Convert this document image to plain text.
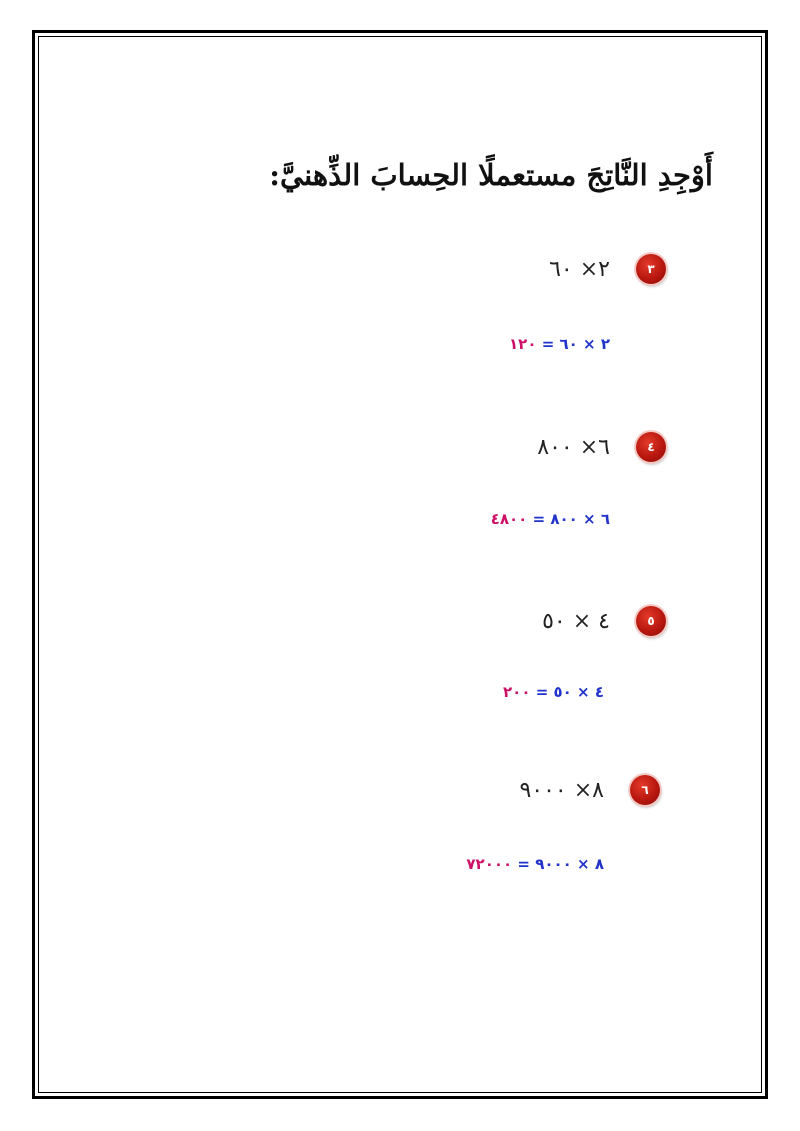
أَوْجِدِ النَّاتِجَ مستعملًا الحِسابَ الذِّهنيَّ:
٣
٢× ٦٠
٢ × ٦٠ = ١٢٠
٤
٦× ٨٠٠
٦ × ٨٠٠ = ٤٨٠٠
٥
٤ × ٥٠
٤ × ٥٠ = ٢٠٠
٦
٨× ٩٠٠٠
٨ × ٩٠٠٠ = ٧٢٠٠٠
